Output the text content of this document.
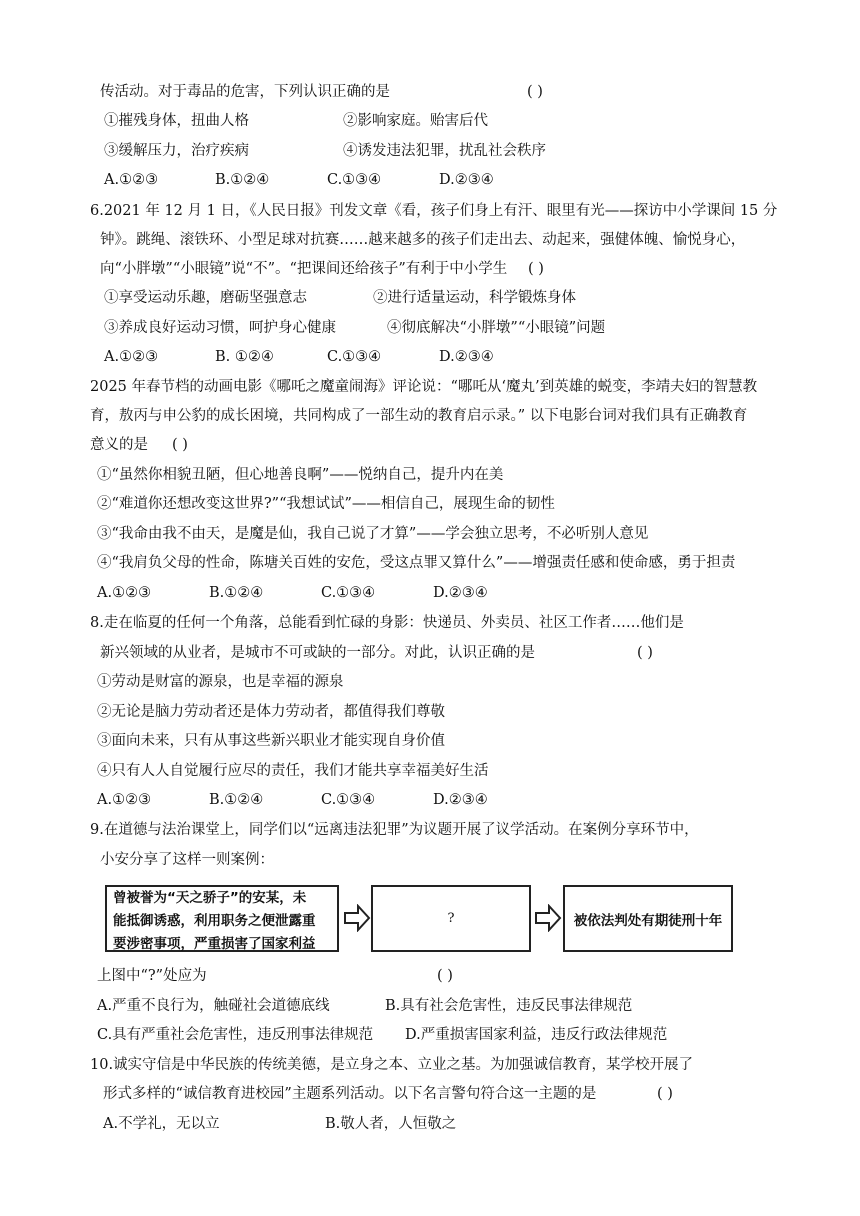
传活动。对于毒品的危害，下列认识正确的是	( )
①摧残身体，扭曲人格	②影响家庭。贻害后代
③缓解压力，治疗疾病	④诱发违法犯罪，扰乱社会秩序
A.①②③	B.①②④	C.①③④	D.②③④
6.2021 年 12 月 1 日，《人民日报》刊发文章《看，孩子们身上有汗、眼里有光——探访中小学课间 15 分
钟》。跳绳、滚铁环、小型足球对抗赛……越来越多的孩子们走出去、动起来，强健体魄、愉悦身心，
向“小胖墩”“小眼镜”说“不”。“把课间还给孩子”有利于中小学生 ( )
①享受运动乐趣，磨砺坚强意志	②进行适量运动，科学锻炼身体
③养成良好运动习惯，呵护身心健康	④彻底解决“小胖墩”“小眼镜”问题
A.①②③	B. ①②④	C.①③④	D.②③④
2025 年春节档的动画电影《哪吒之魔童闹海》评论说：“哪吒从‘魔丸’到英雄的蜕变，李靖夫妇的智慧教
育，敖丙与申公豹的成长困境，共同构成了一部生动的教育启示录。” 以下电影台词对我们具有正确教育
意义的是 ( )
①“虽然你相貌丑陋，但心地善良啊”——悦纳自己，提升内在美
②“难道你还想改变这世界?”“我想试试”——相信自己，展现生命的韧性
③“我命由我不由天，是魔是仙，我自己说了才算”——学会独立思考，不必听别人意见
④“我肩负父母的性命，陈塘关百姓的安危，受这点罪又算什么”——增强责任感和使命感，勇于担责
A.①②③	B.①②④	C.①③④	D.②③④
8.走在临夏的任何一个角落，总能看到忙碌的身影：快递员、外卖员、社区工作者……他们是
新兴领域的从业者，是城市不可或缺的一部分。对此，认识正确的是	( )
①劳动是财富的源泉，也是幸福的源泉
②无论是脑力劳动者还是体力劳动者，都值得我们尊敬
③面向未来，只有从事这些新兴职业才能实现自身价值
④只有人人自觉履行应尽的责任，我们才能共享幸福美好生活
A.①②③	B.①②④	C.①③④	D.②③④
9.在道德与法治课堂上，同学们以“远离违法犯罪”为议题开展了议学活动。在案例分享环节中，
小安分享了这样一则案例：
曾被誉为“天之骄子”的安某，未
能抵御诱惑，利用职务之便泄露重
要涉密事项，严重损害了国家利益
?	被依法判处有期徒刑十年
上图中“?”处应为	( )
A.严重不良行为，触碰社会道德底线	B.具有社会危害性，违反民事法律规范
C.具有严重社会危害性，违反刑事法律规范 D.严重损害国家利益，违反行政法律规范
10.诚实守信是中华民族的传统美德，是立身之本、立业之基。为加强诚信教育，某学校开展了
形式多样的“诚信教育进校园”主题系列活动。以下名言警句符合这一主题的是	( )
A.不学礼，无以立	B.敬人者，人恒敬之
